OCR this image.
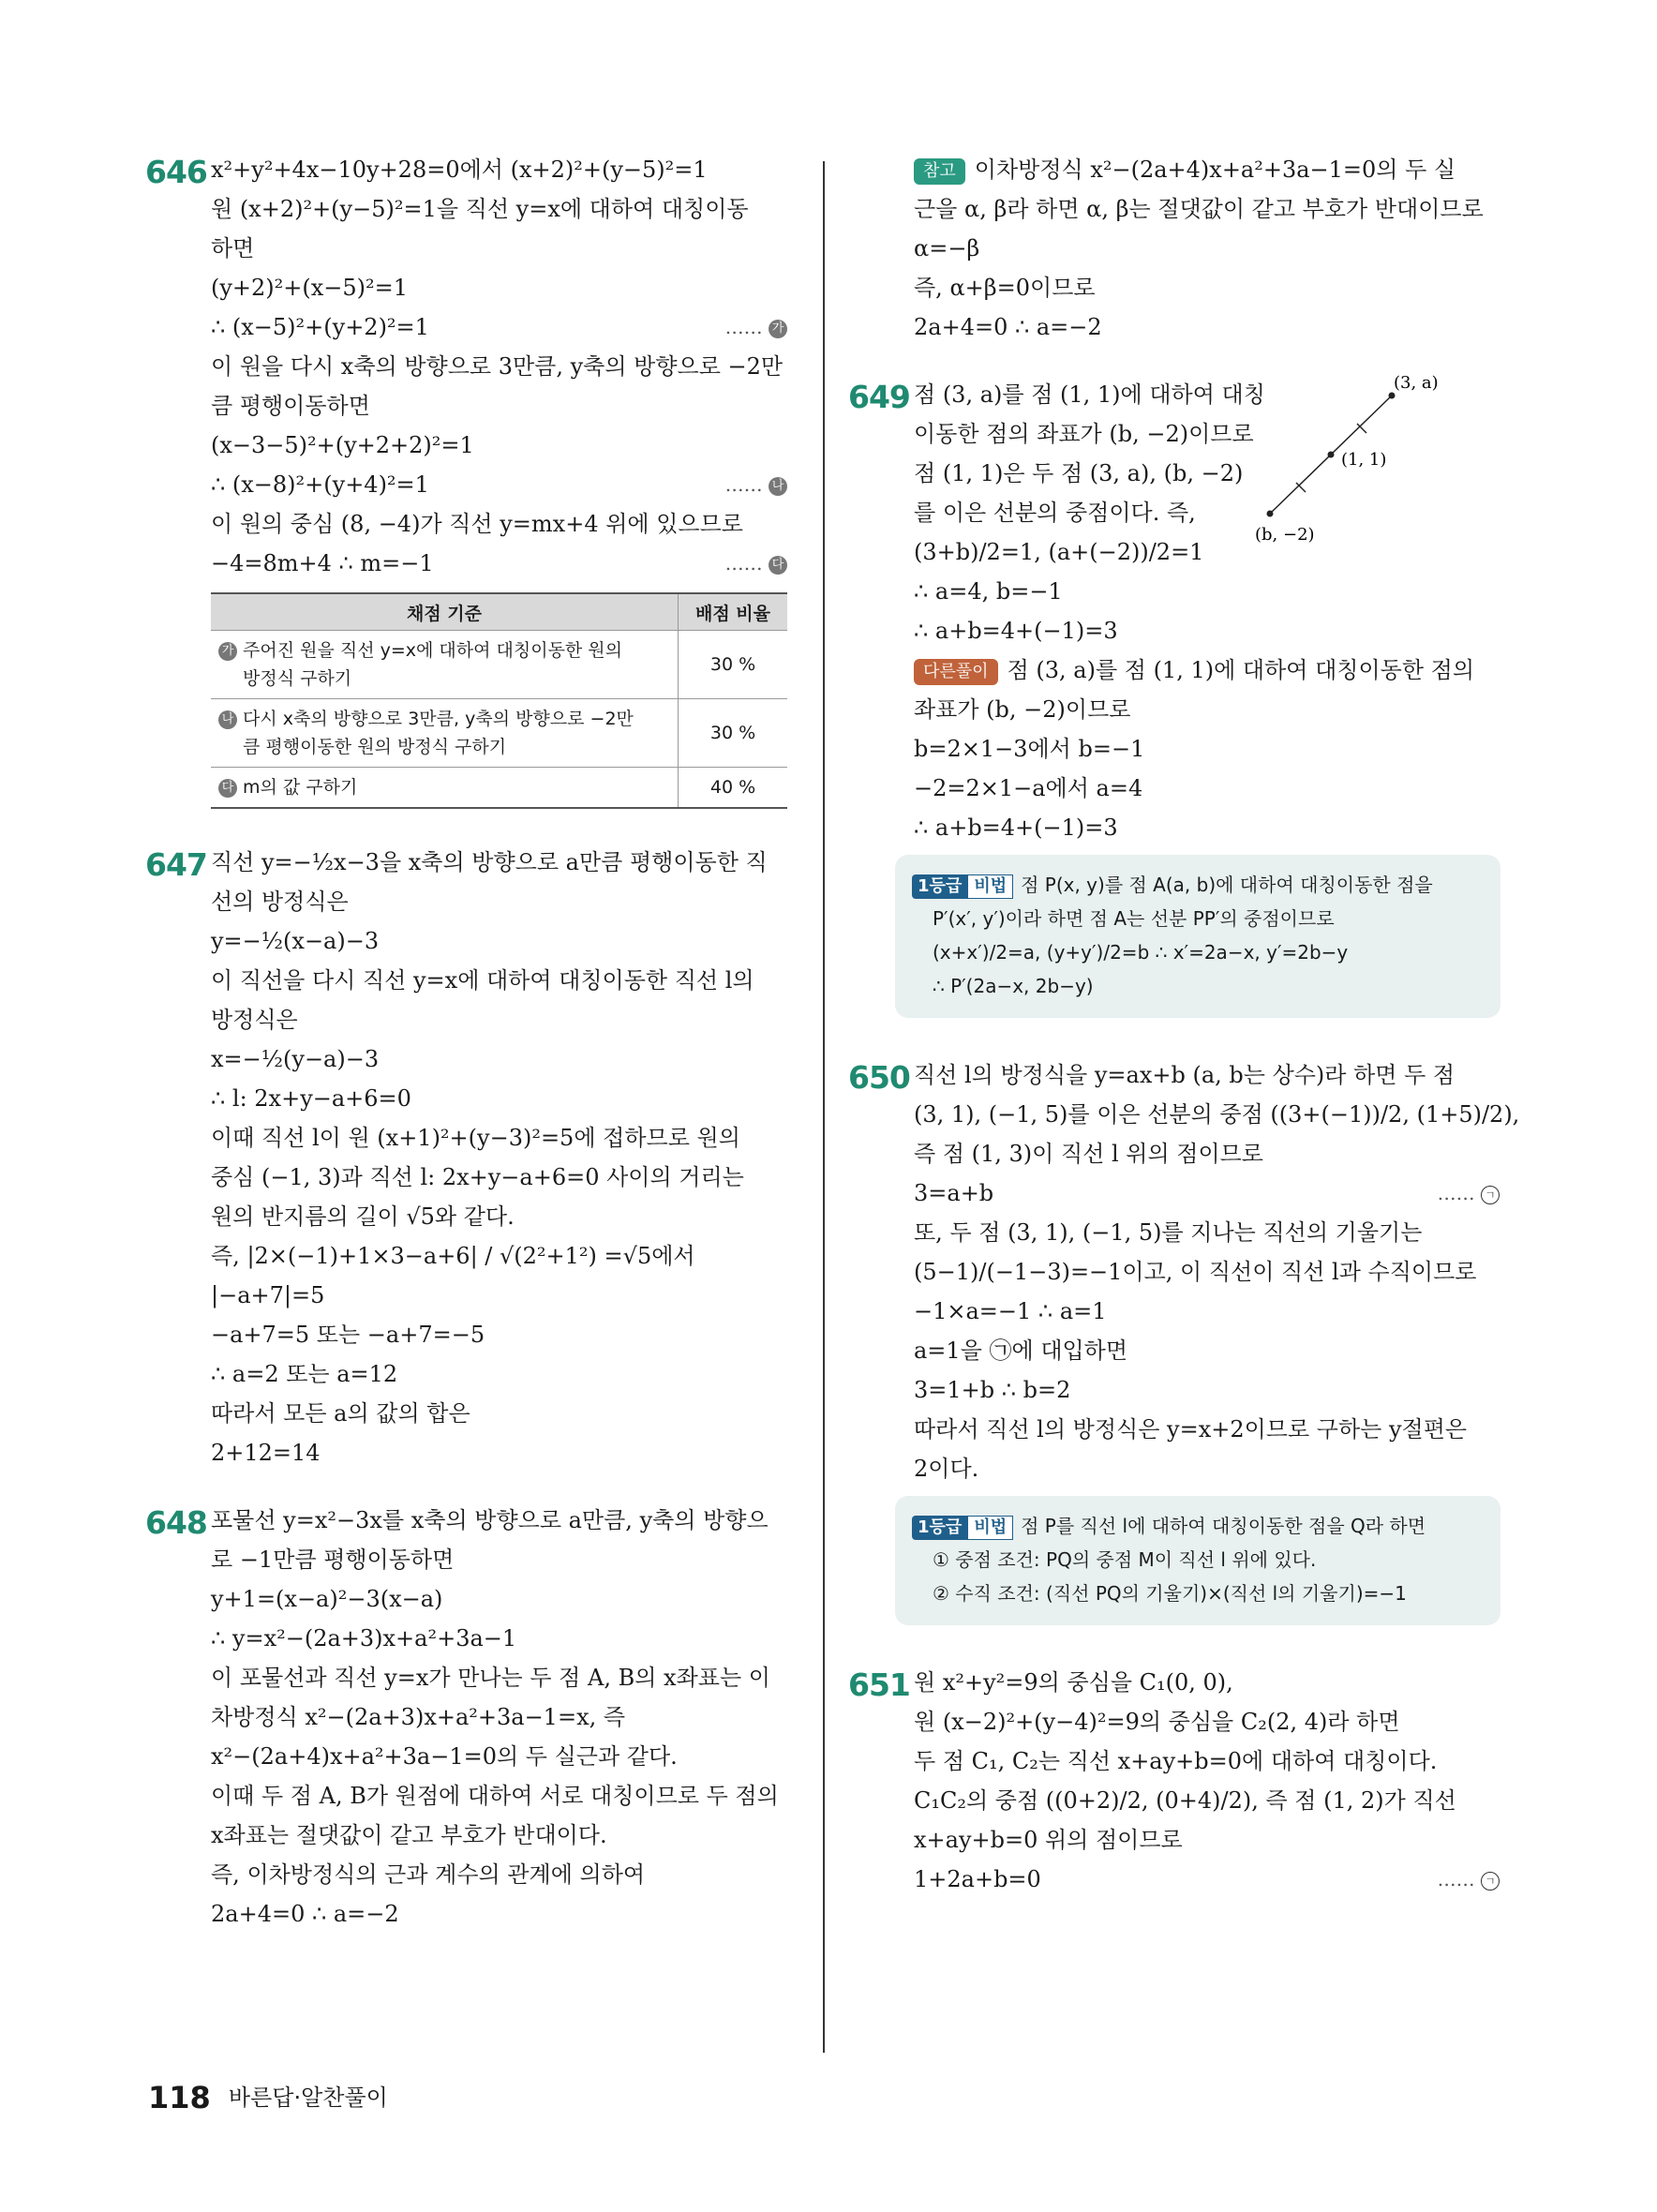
646 x²+y²+4x−10y+28=0에서 (x+2)²+(y−5)²=1
원 (x+2)²+(y−5)²=1을 직선 y=x에 대하여 대칭이동
하면
(y+2)²+(x−5)²=1
∴ (x−5)²+(y+2)²=1	…… 가
이 원을 다시 x축의 방향으로 3만큼, y축의 방향으로 −2만
큼 평행이동하면
(x−3−5)²+(y+2+2)²=1
∴ (x−8)²+(y+4)²=1	…… 나
이 원의 중심 (8, −4)가 직선 y=mx+4 위에 있으므로
−4=8m+4 ∴ m=−1	…… 다
채점 기준	배점 비율
가 주어진 원을 직선 y=x에 대하여 대칭이동한 원의
방정식 구하기	30 %
나 다시 x축의 방향으로 3만큼, y축의 방향으로 −2만
큼 평행이동한 원의 방정식 구하기	30 %
다 m의 값 구하기	40 %
647 직선 y=−½x−3을 x축의 방향으로 a만큼 평행이동한 직
선의 방정식은
y=−½(x−a)−3
이 직선을 다시 직선 y=x에 대하여 대칭이동한 직선 l의
방정식은
x=−½(y−a)−3
∴ l: 2x+y−a+6=0
이때 직선 l이 원 (x+1)²+(y−3)²=5에 접하므로 원의
중심 (−1, 3)과 직선 l: 2x+y−a+6=0 사이의 거리는
원의 반지름의 길이 √5와 같다.
즉, |2×(−1)+1×3−a+6| / √(2²+1²) =√5에서
|−a+7|=5
−a+7=5 또는 −a+7=−5
∴ a=2 또는 a=12
따라서 모든 a의 값의 합은
2+12=14
648 포물선 y=x²−3x를 x축의 방향으로 a만큼, y축의 방향으
로 −1만큼 평행이동하면
y+1=(x−a)²−3(x−a)
∴ y=x²−(2a+3)x+a²+3a−1
이 포물선과 직선 y=x가 만나는 두 점 A, B의 x좌표는 이
차방정식 x²−(2a+3)x+a²+3a−1=x, 즉
x²−(2a+4)x+a²+3a−1=0의 두 실근과 같다.
이때 두 점 A, B가 원점에 대하여 서로 대칭이므로 두 점의
x좌표는 절댓값이 같고 부호가 반대이다.
즉, 이차방정식의 근과 계수의 관계에 의하여
2a+4=0 ∴ a=−2
참고 이차방정식 x²−(2a+4)x+a²+3a−1=0의 두 실
근을 α, β라 하면 α, β는 절댓값이 같고 부호가 반대이므로
α=−β
즉, α+β=0이므로
2a+4=0 ∴ a=−2
649	(3, a)
(1, 1)
(b, −2)
점 (3, a)를 점 (1, 1)에 대하여 대칭
이동한 점의 좌표가 (b, −2)이므로
점 (1, 1)은 두 점 (3, a), (b, −2)
를 이은 선분의 중점이다. 즉,
(3+b)/2=1, (a+(−2))/2=1
∴ a=4, b=−1
∴ a+b=4+(−1)=3
다른풀이 점 (3, a)를 점 (1, 1)에 대하여 대칭이동한 점의
좌표가 (b, −2)이므로
b=2×1−3에서 b=−1
−2=2×1−a에서 a=4
∴ a+b=4+(−1)=3
1등급 비법 점 P(x, y)를 점 A(a, b)에 대하여 대칭이동한 점을
P′(x′, y′)이라 하면 점 A는 선분 PP′의 중점이므로
(x+x′)/2=a, (y+y′)/2=b ∴ x′=2a−x, y′=2b−y
∴ P′(2a−x, 2b−y)
650 직선 l의 방정식을 y=ax+b (a, b는 상수)라 하면 두 점
(3, 1), (−1, 5)를 이은 선분의 중점 ((3+(−1))/2, (1+5)/2),
즉 점 (1, 3)이 직선 l 위의 점이므로
3=a+b	…… ㄱ
또, 두 점 (3, 1), (−1, 5)를 지나는 직선의 기울기는
(5−1)/(−1−3)=−1이고, 이 직선이 직선 l과 수직이므로
−1×a=−1 ∴ a=1
a=1을 ㉠에 대입하면
3=1+b ∴ b=2
따라서 직선 l의 방정식은 y=x+2이므로 구하는 y절편은
2이다.
1등급 비법 점 P를 직선 l에 대하여 대칭이동한 점을 Q라 하면
① 중점 조건: PQ의 중점 M이 직선 l 위에 있다.
② 수직 조건: (직선 PQ의 기울기)×(직선 l의 기울기)=−1
651 원 x²+y²=9의 중심을 C₁(0, 0),
원 (x−2)²+(y−4)²=9의 중심을 C₂(2, 4)라 하면
두 점 C₁, C₂는 직선 x+ay+b=0에 대하여 대칭이다.
C₁C₂의 중점 ((0+2)/2, (0+4)/2), 즉 점 (1, 2)가 직선
x+ay+b=0 위의 점이므로
1+2a+b=0	…… ㄱ
118 바른답·알찬풀이
